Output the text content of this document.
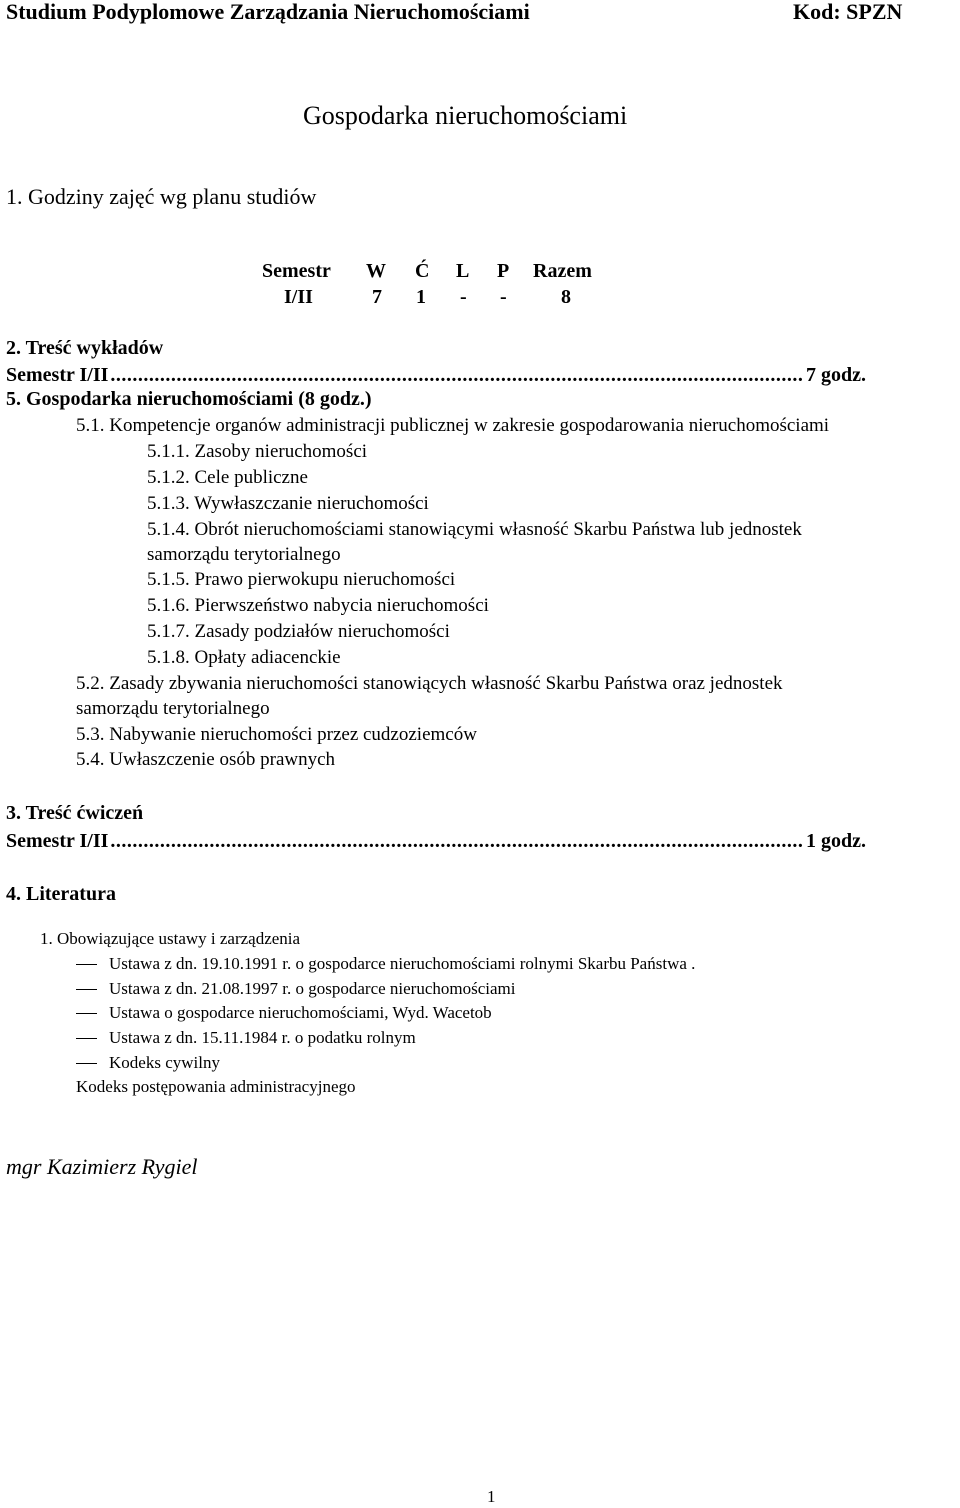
Studium Podyplomowe Zarządzania Nieruchomościami	Kod: SPZN
Gospodarka nieruchomościami
1. Godziny zajęć wg planu studiów
Semestr W Ć L P Razem
I/II	7 1 - -	8
2. Treść wykładów
Semestr I/II .....	7 godz.
5. Gospodarka nieruchomościami (8 godz.)
5.1. Kompetencje organów administracji publicznej w zakresie gospodarowania nieruchomościami
5.1.1. Zasoby nieruchomości
5.1.2. Cele publiczne
5.1.3. Wywłaszczanie nieruchomości
5.1.4. Obrót nieruchomościami stanowiącymi własność Skarbu Państwa lub jednostek
samorządu terytorialnego
5.1.5. Prawo pierwokupu nieruchomości
5.1.6. Pierwszeństwo nabycia nieruchomości
5.1.7. Zasady podziałów nieruchomości
5.1.8. Opłaty adiacenckie
5.2. Zasady zbywania nieruchomości stanowiących własność Skarbu Państwa oraz jednostek
samorządu terytorialnego
5.3. Nabywanie nieruchomości przez cudzoziemców
5.4. Uwłaszczenie osób prawnych
3. Treść ćwiczeń
Semestr I/II .....	1 godz.
4. Literatura
1. Obowiązujące ustawy i zarządzenia
Ustawa z dn. 19.10.1991 r. o gospodarce nieruchomościami rolnymi Skarbu Państwa .
Ustawa z dn. 21.08.1997 r. o gospodarce nieruchomościami
Ustawa o gospodarce nieruchomościami, Wyd. Wacetob
Ustawa z dn. 15.11.1984 r. o podatku rolnym
Kodeks cywilny
Kodeks postępowania administracyjnego
mgr Kazimierz Rygiel
1
